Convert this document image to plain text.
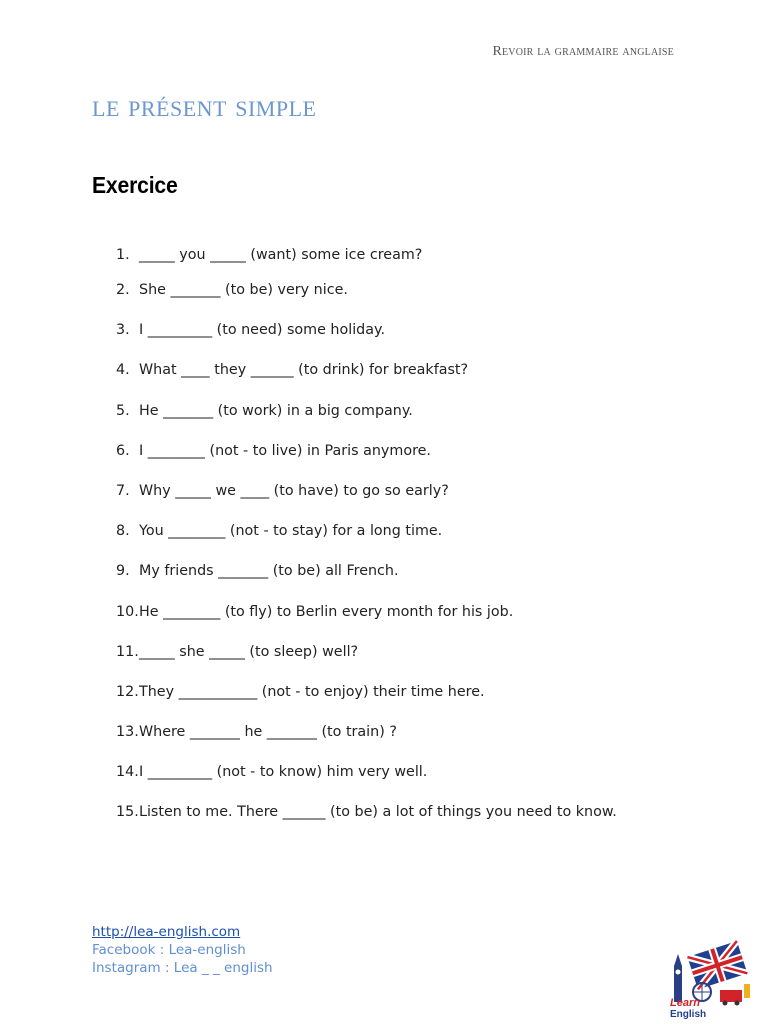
Revoir la grammaire anglaise
le présent simple
Exercice
1. _____ you _____ (want) some ice cream?
2. She _______ (to be) very nice.
3. I _________ (to need) some holiday.
4. What ____ they ______ (to drink) for breakfast?
5. He _______ (to work) in a big company.
6. I ________ (not - to live) in Paris anymore.
7. Why _____ we ____ (to have) to go so early?
8. You ________ (not - to stay) for a long time.
9. My friends _______ (to be) all French.
10.He ________ (to fly) to Berlin every month for his job.
11._____ she _____ (to sleep) well?
12.They ___________ (not - to enjoy) their time here.
13.Where _______ he _______ (to train) ?
14.I _________ (not - to know) him very well.
15.Listen to me. There ______ (to be) a lot of things you need to know.
http://lea-english.com
Facebook : Lea-english
Instagram : Lea _ _ english
Learn
English
